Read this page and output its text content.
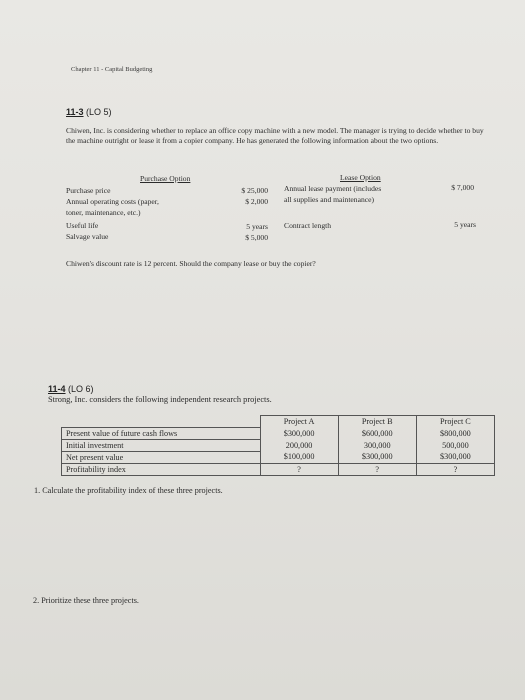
Chapter 11 - Capital Budgeting
11-3 (LO 5)
Chiwen, Inc. is considering whether to replace an office copy machine with a new model. The manager is trying to decide whether to buy the machine outright or lease it from a copier company. He has generated the following information about the two options.
Purchase Option
Purchase price	$ 25,000
Annual operating costs (paper,	$ 2,000
toner, maintenance, etc.)
Useful life	5 years
Salvage value	$ 5,000
Lease Option
Annual lease payment (includes
all supplies and maintenance)
$ 7,000
Contract length	5 years
Chiwen's discount rate is 12 percent. Should the company lease or buy the copier?
11-4 (LO 6)
Strong, Inc. considers the following independent research projects.
	Project A	Project B	Project C
Present value of future cash flows	$300,000	$600,000	$800,000
Initial investment	200,000	300,000	500,000
Net present value	$100,000	$300,000	$300,000
Profitability index	?	?	?
1. Calculate the profitability index of these three projects.
2. Prioritize these three projects.
